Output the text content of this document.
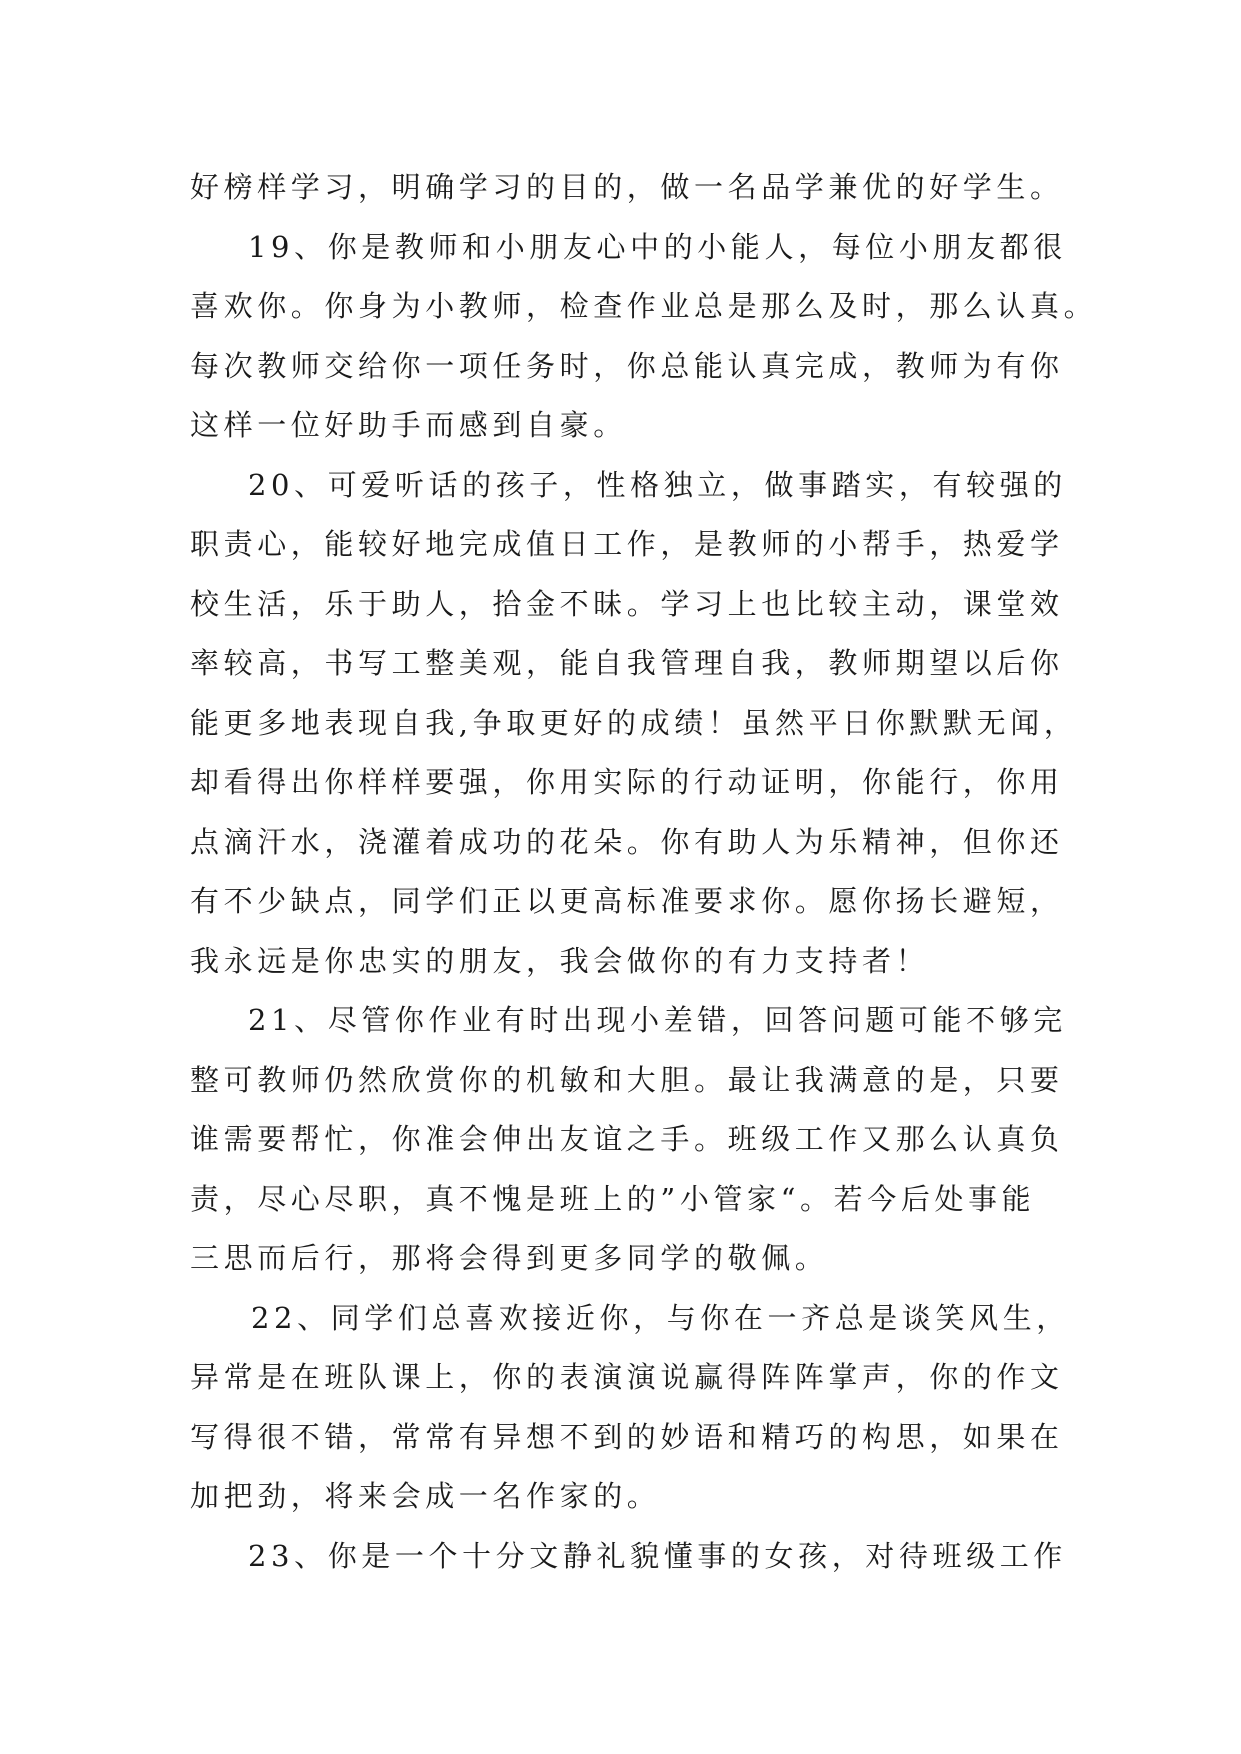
好榜样学习，明确学习的目的，做一名品学兼优的好学生。
19、你是教师和小朋友心中的小能人，每位小朋友都很
喜欢你。你身为小教师，检查作业总是那么及时，那么认真。
每次教师交给你一项任务时，你总能认真完成，教师为有你
这样一位好助手而感到自豪。
20、可爱听话的孩子，性格独立，做事踏实，有较强的
职责心，能较好地完成值日工作，是教师的小帮手，热爱学
校生活，乐于助人，拾金不昧。学习上也比较主动，课堂效
率较高，书写工整美观，能自我管理自我，教师期望以后你
能更多地表现自我,争取更好的成绩！虽然平日你默默无闻，
却看得出你样样要强，你用实际的行动证明，你能行，你用
点滴汗水，浇灌着成功的花朵。你有助人为乐精神，但你还
有不少缺点，同学们正以更高标准要求你。愿你扬长避短，
我永远是你忠实的朋友，我会做你的有力支持者！
21、尽管你作业有时出现小差错，回答问题可能不够完
整可教师仍然欣赏你的机敏和大胆。最让我满意的是，只要
谁需要帮忙，你准会伸出友谊之手。班级工作又那么认真负
责，尽心尽职，真不愧是班上的”小管家“。若今后处事能
三思而后行，那将会得到更多同学的敬佩。
22、同学们总喜欢接近你，与你在一齐总是谈笑风生，
异常是在班队课上，你的表演演说赢得阵阵掌声，你的作文
写得很不错，常常有异想不到的妙语和精巧的构思，如果在
加把劲，将来会成一名作家的。
23、你是一个十分文静礼貌懂事的女孩，对待班级工作
